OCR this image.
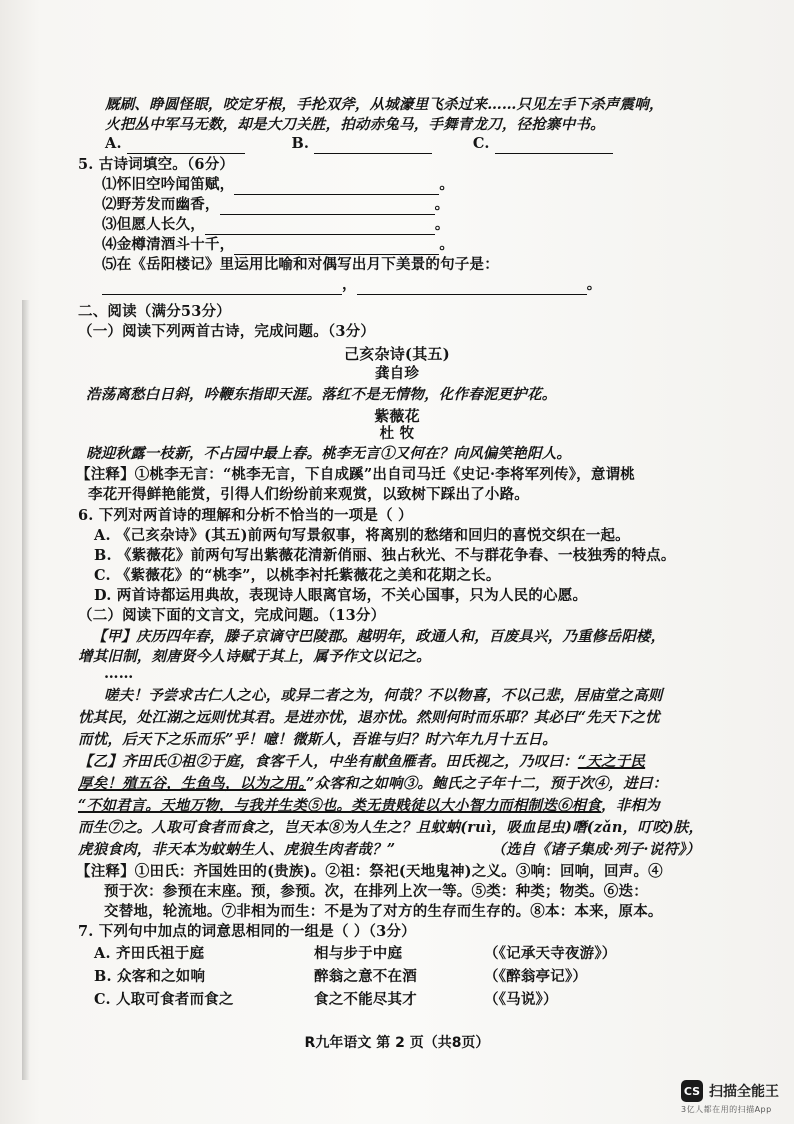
厩刷、睁圆怪眼，咬定牙根，手抡双斧，从城濠里飞杀过来……只见左手下杀声震响，
火把丛中军马无数，却是大刀关胜，拍动赤兔马，手舞青龙刀，径抢寨中书。
A.	B.	C.
5. 古诗词填空。（6分）
⑴怀旧空吟闻笛赋，	。
⑵野芳发而幽香，	。
⑶但愿人长久，	。
⑷金樽清酒斗十千，	。
⑸在《岳阳楼记》里运用比喻和对偶写出月下美景的句子是：
，	。
二、阅读（满分53分）
（一）阅读下列两首古诗，完成问题。（3分）
己亥杂诗(其五)
龚自珍
浩荡离愁白日斜，吟鞭东指即天涯。落红不是无情物，化作春泥更护花。
紫薇花
杜 牧
晓迎秋露一枝新，不占园中最上春。桃李无言①又何在？向风偏笑艳阳人。
【注释】①桃李无言：“桃李无言，下自成蹊”出自司马迁《史记·李将军列传》，意谓桃
李花开得鲜艳能赏，引得人们纷纷前来观赏，以致树下踩出了小路。
6. 下列对两首诗的理解和分析不恰当的一项是（ ）
A. 《己亥杂诗》(其五)前两句写景叙事，将离别的愁绪和回归的喜悦交织在一起。
B. 《紫薇花》前两句写出紫薇花清新俏丽、独占秋光、不与群花争春、一枝独秀的特点。
C. 《紫薇花》的“桃李”，以桃李衬托紫薇花之美和花期之长。
D. 两首诗都运用典故，表现诗人眼离官场，不关心国事，只为人民的心愿。
（二）阅读下面的文言文，完成问题。（13分）
【甲】庆历四年春，滕子京谪守巴陵郡。越明年，政通人和，百废具兴，乃重修岳阳楼，
增其旧制，刻唐贤今人诗赋于其上，属予作文以记之。
……
嗟夫！予尝求古仁人之心，或异二者之为，何哉？不以物喜，不以己悲，居庙堂之高则
忧其民，处江湖之远则忧其君。是进亦忧，退亦忧。然则何时而乐耶？其必曰“先天下之忧
而忧，后天下之乐而乐”乎！噫！微斯人，吾谁与归？时六年九月十五日。
【乙】齐田氏①祖②于庭，食客千人，中坐有献鱼雁者。田氏视之，乃叹曰：“天之于民
厚矣！殖五谷，生鱼鸟，以为之用。”众客和之如响③。鲍氏之子年十二，预于次④，进曰：
“不如君言。天地万物，与我并生类⑤也。类无贵贱徒以大小智力而相制迭⑥相食，非相为
而生⑦之。人取可食者而食之，岂天本⑧为人生之？且蚊蚋(ruì，吸血昆虫)噆(zǎn，叮咬)肤，
虎狼食肉，非天本为蚊蚋生人、虎狼生肉者哉？”	（选自《诸子集成·列子·说符》）
【注释】①田氏：齐国姓田的(贵族)。②祖：祭祀(天地鬼神)之义。③响：回响，回声。④
预于次：参预在末座。预，参预。次，在排列上次一等。⑤类：种类；物类。⑥迭：
交替地，轮流地。⑦非相为而生：不是为了对方的生存而生存的。⑧本：本来，原本。
7. 下列句中加点的词意思相同的一组是（ ）（3分）
A. 齐田氏祖于庭	相与步于中庭	（《记承天寺夜游》）
B. 众客和之如响	醉翁之意不在酒	（《醉翁亭记》）
C. 人取可食者而食之	食之不能尽其才	（《马说》）
R九年语文 第 2 页（共8页）
CS 扫描全能王
3亿人都在用的扫描App
